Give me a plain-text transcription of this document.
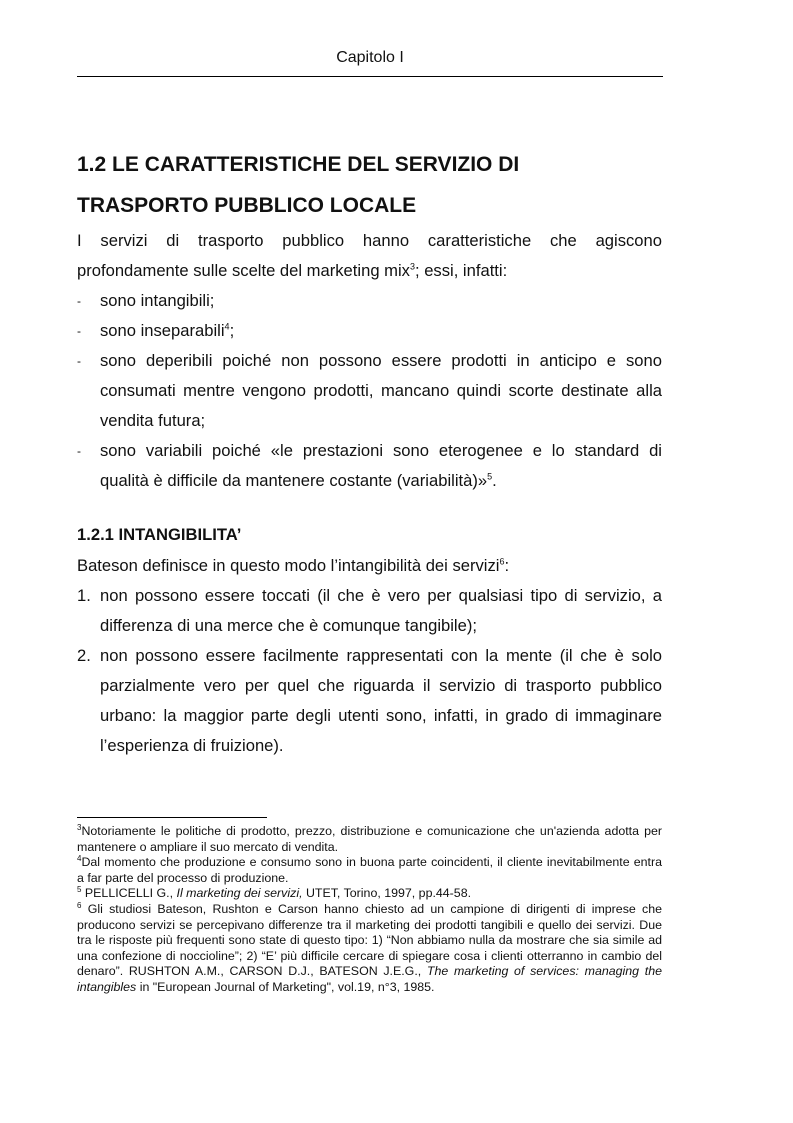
Capitolo I
1.2 LE CARATTERISTICHE DEL SERVIZIO DI
TRASPORTO PUBBLICO LOCALE

I servizi di trasporto pubblico hanno caratteristiche che agiscono profondamente sulle scelte del marketing mix$^3$; essi, infatti:

- sono intangibili;
- sono inseparabili$^4$;
- sono deperibili poiché non possono essere prodotti in anticipo e sono consumati mentre vengono prodotti, mancano quindi scorte destinate alla vendita futura;
- sono variabili poiché «le prestazioni sono eterogenee e lo standard di qualità è difficile da mantenere costante (variabilità)»$^5$.
1.2.1 INTANGIBILITA’

Bateson definisce in questo modo l’intangibilità dei servizi$^6$:

1. non possono essere toccati (il che è vero per qualsiasi tipo di servizio, a differenza di una merce che è comunque tangibile);
2. non possono essere facilmente rappresentati con la mente (il che è solo parzialmente vero per quel che riguarda il servizio di trasporto pubblico urbano: la maggior parte degli utenti sono, infatti, in grado di immaginare l’esperienza di fruizione).

$^3$Notoriamente le politiche di prodotto, prezzo, distribuzione e comunicazione che un'azienda adotta per mantenere o ampliare il suo mercato di vendita.

$^4$Dal momento che produzione e consumo sono in buona parte coincidenti, il cliente inevitabilmente entra a far parte del processo di produzione.

$^5$ PELLICELLI G., Il marketing dei servizi, UTET, Torino, 1997, pp.44-58.

$^6$ Gli studiosi Bateson, Rushton e Carson hanno chiesto ad un campione di dirigenti di imprese che producono servizi se percepivano differenze tra il marketing dei prodotti tangibili e quello dei servizi. Due tra le risposte più frequenti sono state di questo tipo: 1) “Non abbiamo nulla da mostrare che sia simile ad una confezione di noccioline”; 2) “E’ più difficile cercare di spiegare cosa i clienti otterranno in cambio del denaro”. RUSHTON A.M., CARSON D.J., BATESON J.E.G., The marketing of services: managing the intangibles in "European Journal of Marketing", vol.19, n°3, 1985.
